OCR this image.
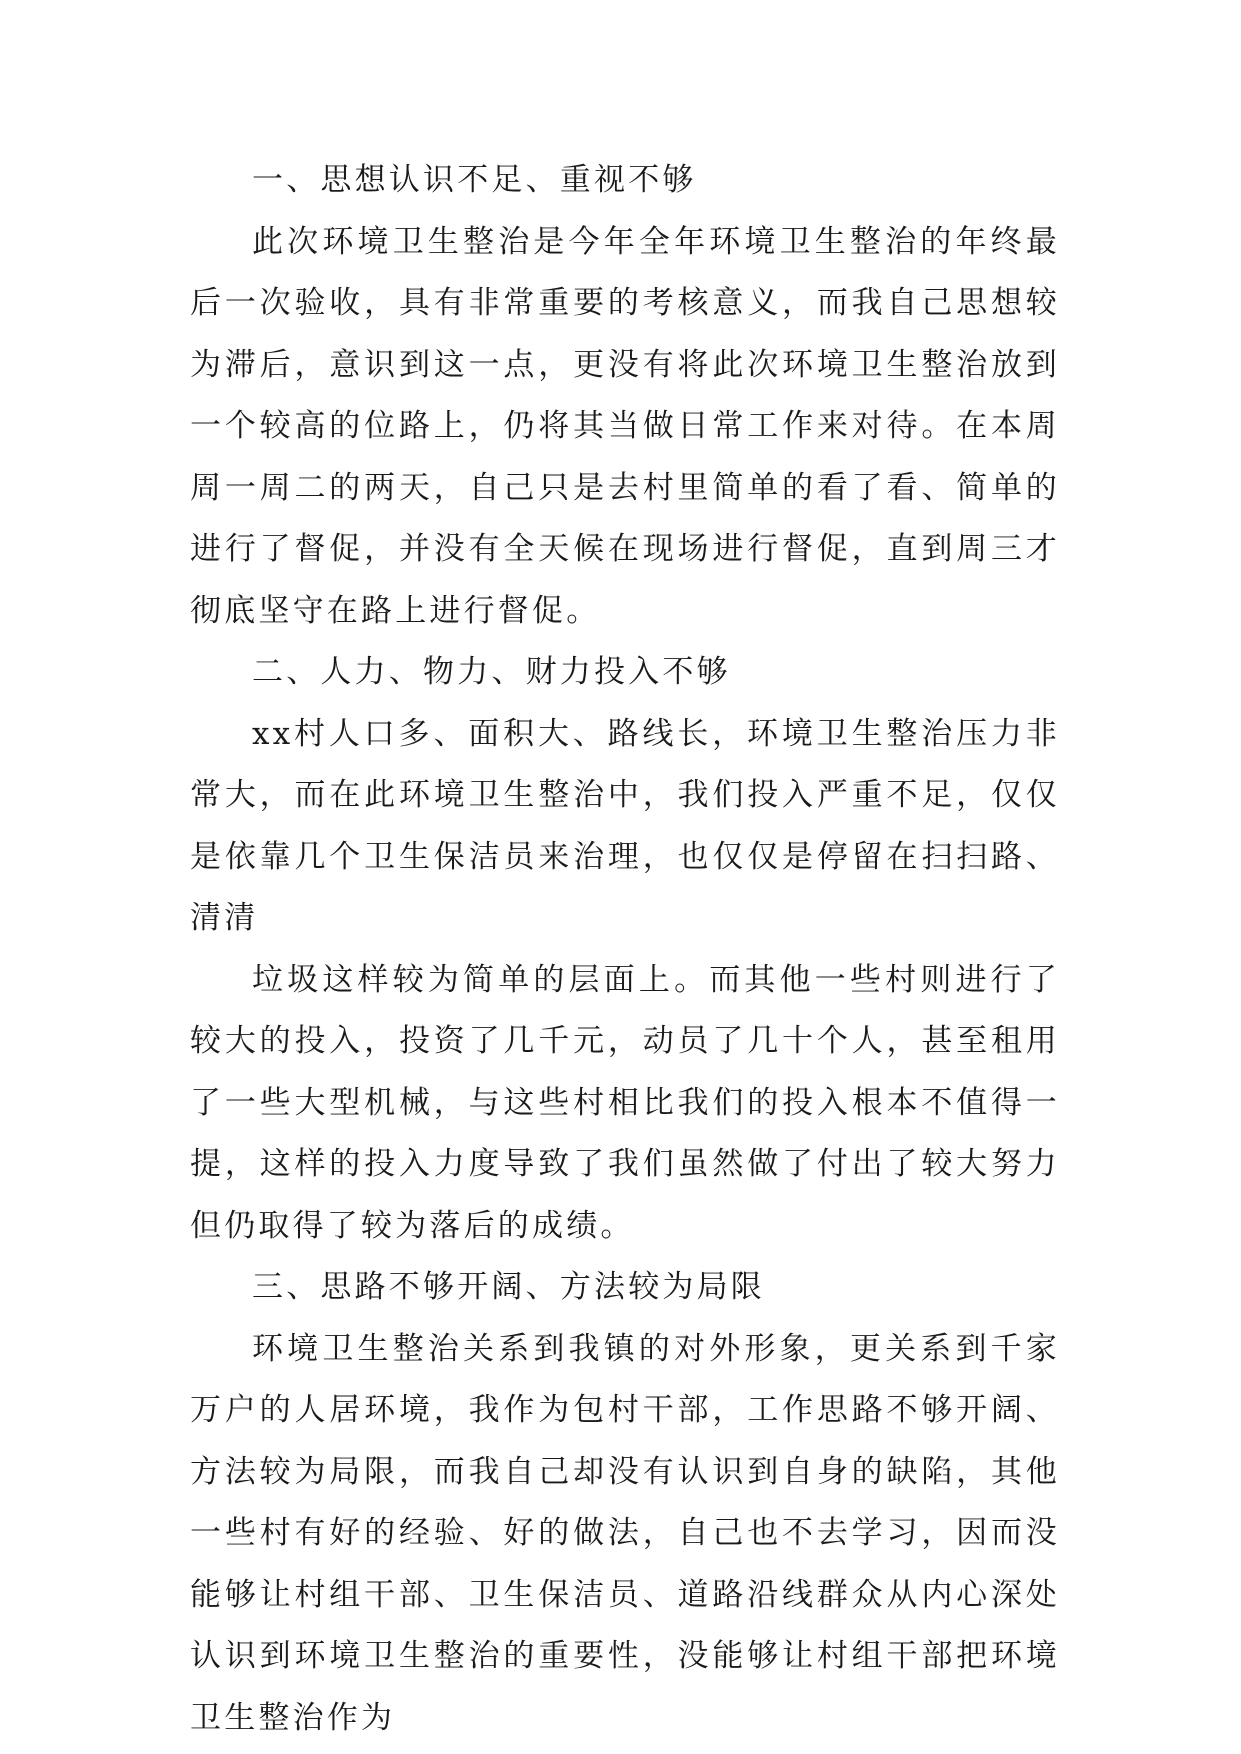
一、思想认识不足、重视不够

此次环境卫生整治是今年全年环境卫生整治的年终最后一次验收，具有非常重要的考核意义，而我自己思想较为滞后，意识到这一点，更没有将此次环境卫生整治放到一个较高的位路上，仍将其当做日常工作来对待。在本周周一周二的两天，自己只是去村里简单的看了看、简单的进行了督促，并没有全天候在现场进行督促，直到周三才彻底坚守在路上进行督促。

二、人力、物力、财力投入不够

xx村人口多、面积大、路线长，环境卫生整治压力非常大，而在此环境卫生整治中，我们投入严重不足，仅仅是依靠几个卫生保洁员来治理，也仅仅是停留在扫扫路、清清

垃圾这样较为简单的层面上。而其他一些村则进行了较大的投入，投资了几千元，动员了几十个人，甚至租用了一些大型机械，与这些村相比我们的投入根本不值得一提，这样的投入力度导致了我们虽然做了付出了较大努力但仍取得了较为落后的成绩。

三、思路不够开阔、方法较为局限

环境卫生整治关系到我镇的对外形象，更关系到千家万户的人居环境，我作为包村干部，工作思路不够开阔、方法较为局限，而我自己却没有认识到自身的缺陷，其他一些村有好的经验、好的做法，自己也不去学习，因而没能够让村组干部、卫生保洁员、道路沿线群众从内心深处认识到环境卫生整治的重要性，没能够让村组干部把环境卫生整治作为
